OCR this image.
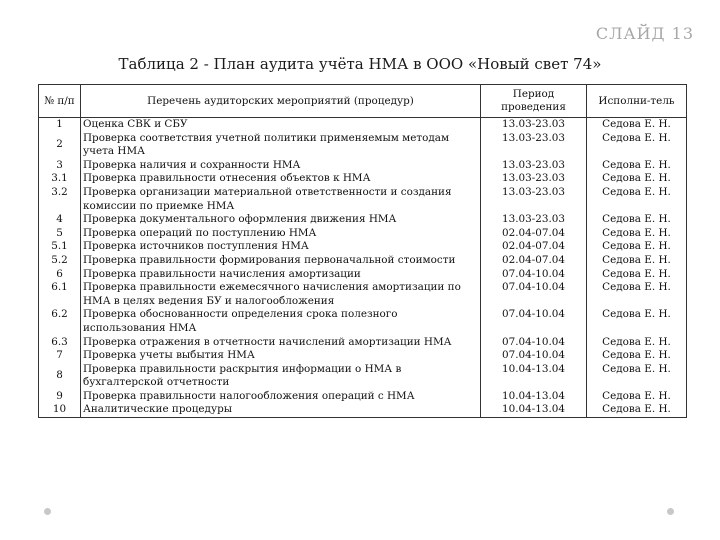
СЛАЙД 13
Таблица 2 - План аудита учёта НМА в ООО «Новый свет 74»
№ п/п	Перечень аудиторских мероприятий (процедур)	Период проведения	Исполни-тель
1	Оценка СВК и СБУ	13.03-23.03	Седова Е. Н.
2	Проверка соответствия учетной политики применяемым методам учета НМА	13.03-23.03	Седова Е. Н.
3	Проверка наличия и сохранности НМА	13.03-23.03	Седова Е. Н.
3.1	Проверка правильности отнесения объектов к НМА	13.03-23.03	Седова Е. Н.
3.2	Проверка организации материальной ответственности и создания комиссии по приемке НМА	13.03-23.03	Седова Е. Н.
4	Проверка документального оформления движения НМА	13.03-23.03	Седова Е. Н.
5	Проверка операций по поступлению НМА	02.04-07.04	Седова Е. Н.
5.1	Проверка источников поступления НМА	02.04-07.04	Седова Е. Н.
5.2	Проверка правильности формирования первоначальной стоимости	02.04-07.04	Седова Е. Н.
6	Проверка правильности начисления амортизации	07.04-10.04	Седова Е. Н.
6.1	Проверка правильности ежемесячного начисления амортизации по НМА в целях ведения БУ и налогообложения	07.04-10.04	Седова Е. Н.
6.2	Проверка обоснованности определения срока полезного использования НМА	07.04-10.04	Седова Е. Н.
6.3	Проверка отражения в отчетности начислений амортизации НМА	07.04-10.04	Седова Е. Н.
7	Проверка учеты выбытия НМА	07.04-10.04	Седова Е. Н.
8	Проверка правильности раскрытия информации о НМА в бухгалтерской отчетности	10.04-13.04	Седова Е. Н.
9	Проверка правильности налогообложения операций с НМА	10.04-13.04	Седова Е. Н.
10	Аналитические процедуры	10.04-13.04	Седова Е. Н.
